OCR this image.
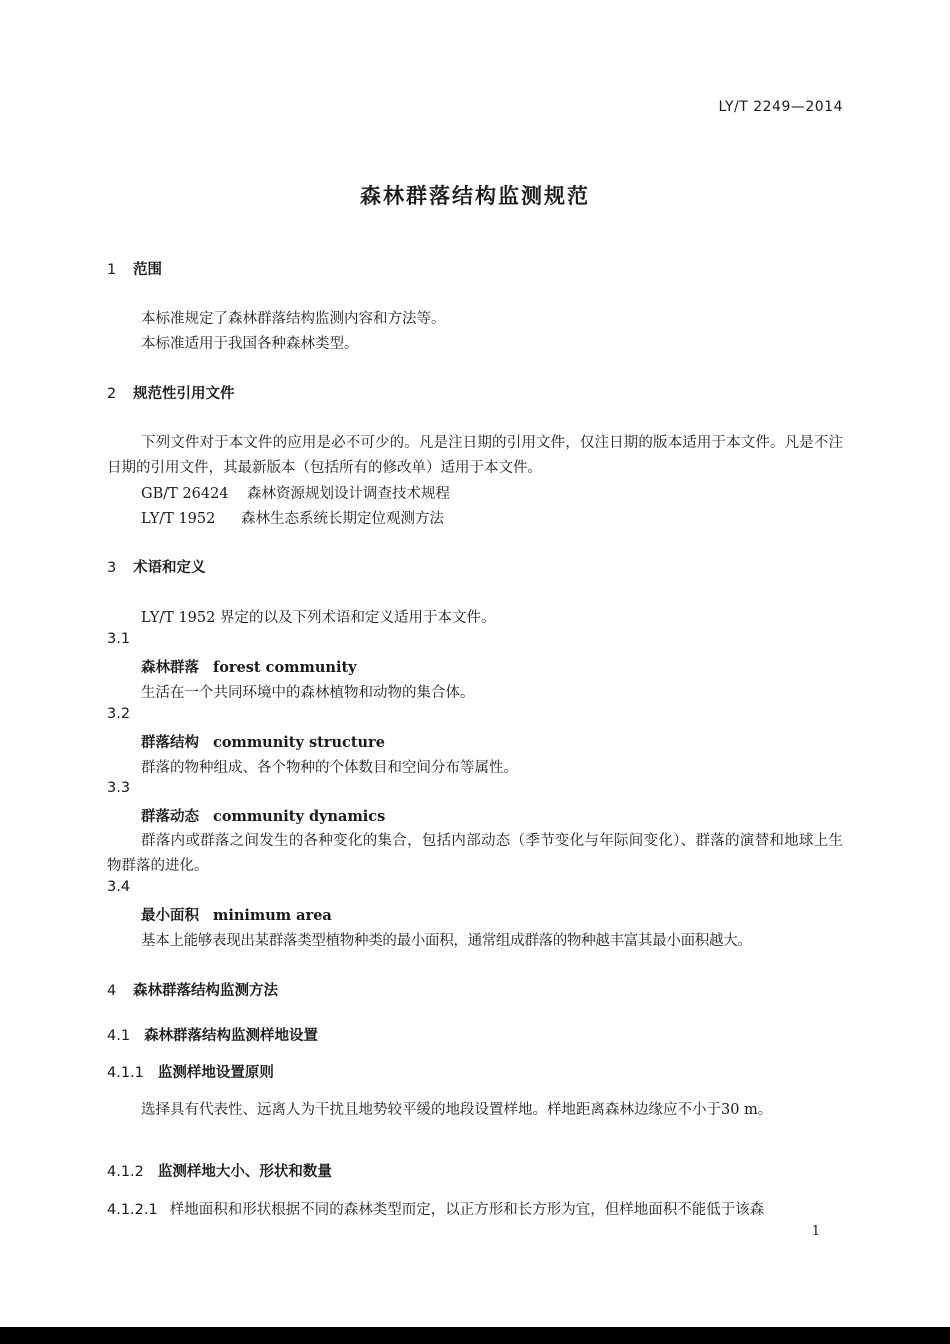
LY/T 2249—2014
森林群落结构监测规范
1 范围
本标准规定了森林群落结构监测内容和方法等。
本标准适用于我国各种森林类型。
2 规范性引用文件
下列文件对于本文件的应用是必不可少的。凡是注日期的引用文件，仅注日期的版本适用于本文件。凡是不注日期的引用文件，其最新版本（包括所有的修改单）适用于本文件。
GB/T 26424 森林资源规划设计调查技术规程
LY/T 1952 森林生态系统长期定位观测方法
3 术语和定义
LY/T 1952 界定的以及下列术语和定义适用于本文件。
3.1
森林群落 forest community
生活在一个共同环境中的森林植物和动物的集合体。
3.2
群落结构 community structure
群落的物种组成、各个物种的个体数目和空间分布等属性。
3.3
群落动态 community dynamics
群落内或群落之间发生的各种变化的集合，包括内部动态（季节变化与年际间变化）、群落的演替和地球上生物群落的进化。
3.4
最小面积 minimum area
基本上能够表现出某群落类型植物种类的最小面积，通常组成群落的物种越丰富其最小面积越大。
4 森林群落结构监测方法
4.1 森林群落结构监测样地设置
4.1.1 监测样地设置原则
选择具有代表性、远离人为干扰且地势较平缓的地段设置样地。样地距离森林边缘应不小于30 m。
4.1.2 监测样地大小、形状和数量
4.1.2.1 样地面积和形状根据不同的森林类型而定，以正方形和长方形为宜，但样地面积不能低于该森
1
